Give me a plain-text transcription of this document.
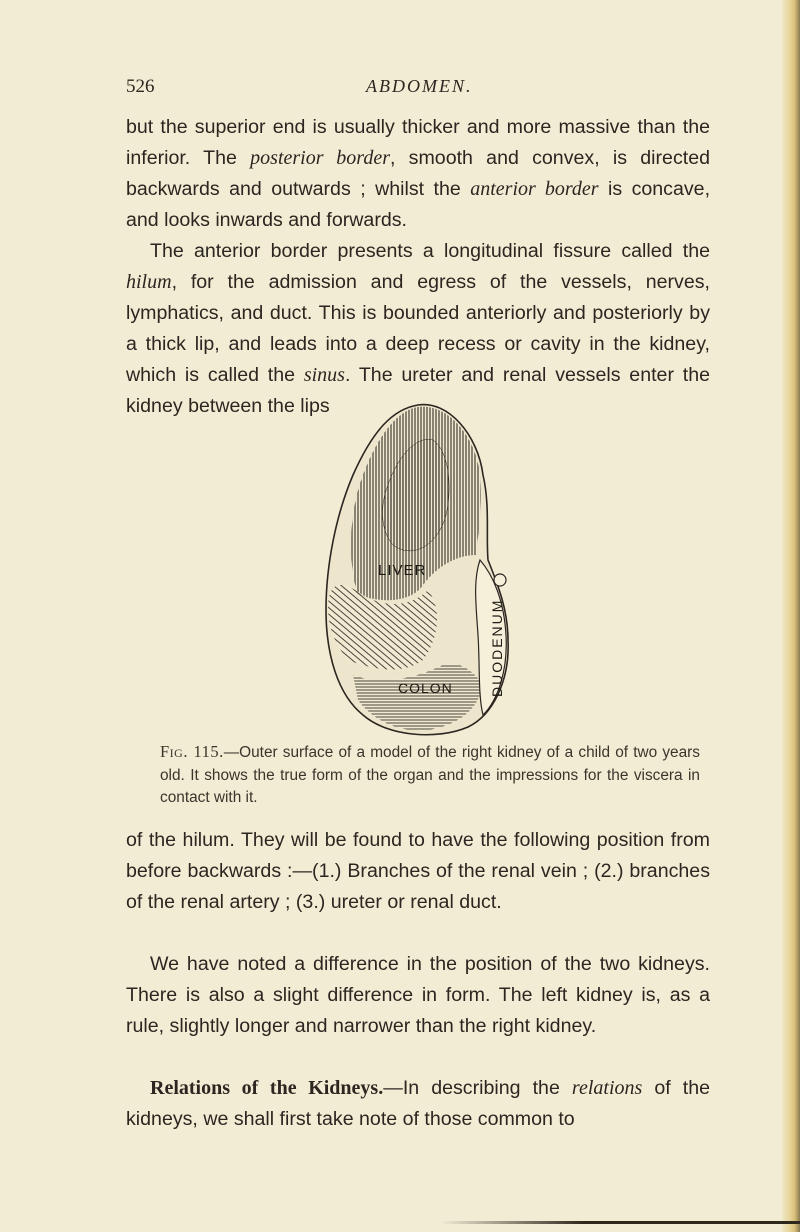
526	ABDOMEN.

but the superior end is usually thicker and more massive than the inferior. The posterior border, smooth and convex, is directed backwards and outwards ; whilst the anterior border is concave, and looks inwards and forwards.

The anterior border presents a longitudinal fissure called the hilum, for the admission and egress of the vessels, nerves, lymphatics, and duct. This is bounded anteriorly and posteriorly by a thick lip, and leads into a deep recess or cavity in the kidney, which is called the sinus. The ureter and renal vessels enter the kidney between the lips

LIVER
COLON	DUODENUM

Fig. 115.—Outer surface of a model of the right kidney of a child of two years old. It shows the true form of the organ and the impressions for the viscera in contact with it.

of the hilum. They will be found to have the following position from before backwards :—(1.) Branches of the renal vein ; (2.) branches of the renal artery ; (3.) ureter or renal duct.

We have noted a difference in the position of the two kidneys. There is also a slight difference in form. The left kidney is, as a rule, slightly longer and narrower than the right kidney.

Relations of the Kidneys.—In describing the relations of the kidneys, we shall first take note of those common to
